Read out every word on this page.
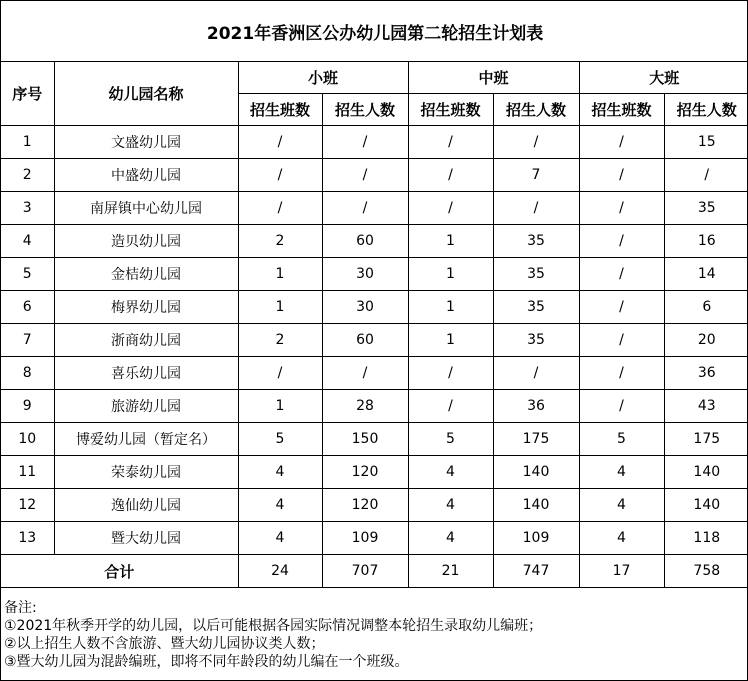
2021年香洲区公办幼儿园第二轮招生计划表							
序号	幼儿园名称	小班		中班		大班	
		招生班数	招生人数	招生班数	招生人数	招生班数	招生人数
1	文盛幼儿园	/	/	/	/	/	15
2	中盛幼儿园	/	/	/	7	/	/
3	南屏镇中心幼儿园	/	/	/	/	/	35
4	造贝幼儿园	2	60	1	35	/	16
5	金桔幼儿园	1	30	1	35	/	14
6	梅界幼儿园	1	30	1	35	/	6
7	浙商幼儿园	2	60	1	35	/	20
8	喜乐幼儿园	/	/	/	/	/	36
9	旅游幼儿园	1	28	/	36	/	43
10	博爱幼儿园（暂定名）	5	150	5	175	5	175
11	荣泰幼儿园	4	120	4	140	4	140
12	逸仙幼儿园	4	120	4	140	4	140
13	暨大幼儿园	4	109	4	109	4	118
合计		24	707	21	747	17	758
备注:
①2021年秋季开学的幼儿园，以后可能根据各园实际情况调整本轮招生录取幼儿编班；
②以上招生人数不含旅游、暨大幼儿园协议类人数；
③暨大幼儿园为混龄编班，即将不同年龄段的幼儿编在一个班级。
